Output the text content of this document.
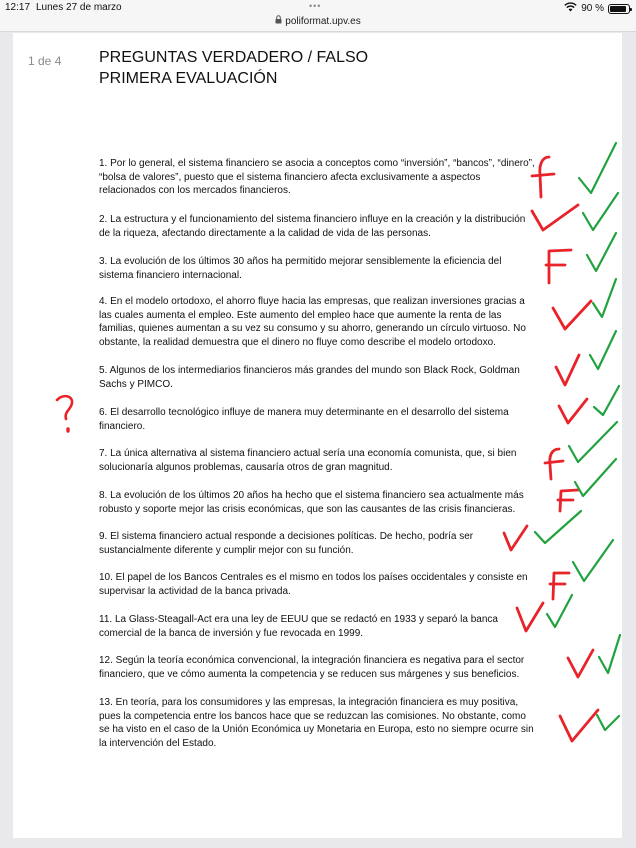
12:17 Lunes 27 de marzo	•••	90 %
poliformat.upv.es
1 de 4 PREGUNTAS VERDADERO / FALSO
PRIMERA EVALUACIÓN
1. Por lo general, el sistema financiero se asocia a conceptos como “inversión”, “bancos”, “dinero”, “bolsa de valores”, puesto que el sistema financiero afecta exclusivamente a aspectos relacionados con los mercados financieros.
2. La estructura y el funcionamiento del sistema financiero influye en la creación y la distribución de la riqueza, afectando directamente a la calidad de vida de las personas.
3. La evolución de los últimos 30 años ha permitido mejorar sensiblemente la eficiencia del sistema financiero internacional.
4. En el modelo ortodoxo, el ahorro fluye hacia las empresas, que realizan inversiones gracias a las cuales aumenta el empleo. Este aumento del empleo hace que aumente la renta de las familias, quienes aumentan a su vez su consumo y su ahorro, generando un círculo virtuoso. No obstante, la realidad demuestra que el dinero no fluye como describe el modelo ortodoxo.
5. Algunos de los intermediarios financieros más grandes del mundo son Black Rock, Goldman Sachs y PIMCO.
6. El desarrollo tecnológico influye de manera muy determinante en el desarrollo del sistema financiero.
7. La única alternativa al sistema financiero actual sería una economía comunista, que, si bien solucionaría algunos problemas, causaría otros de gran magnitud.
8. La evolución de los últimos 20 años ha hecho que el sistema financiero sea actualmente más robusto y soporte mejor las crisis económicas, que son las causantes de las crisis financieras.
9. El sistema financiero actual responde a decisiones políticas. De hecho, podría ser sustancialmente diferente y cumplir mejor con su función.
10. El papel de los Bancos Centrales es el mismo en todos los países occidentales y consiste en supervisar la actividad de la banca privada.
11. La Glass-Steagall-Act era una ley de EEUU que se redactó en 1933 y separó la banca comercial de la banca de inversión y fue revocada en 1999.
12. Según la teoría económica convencional, la integración financiera es negativa para el sector financiero, que ve cómo aumenta la competencia y se reducen sus márgenes y sus beneficios.
13. En teoría, para los consumidores y las empresas, la integración financiera es muy positiva, pues la competencia entre los bancos hace que se reduzcan las comisiones. No obstante, como se ha visto en el caso de la Unión Económica uy Monetaria en Europa, esto no siempre ocurre sin la intervención del Estado.
